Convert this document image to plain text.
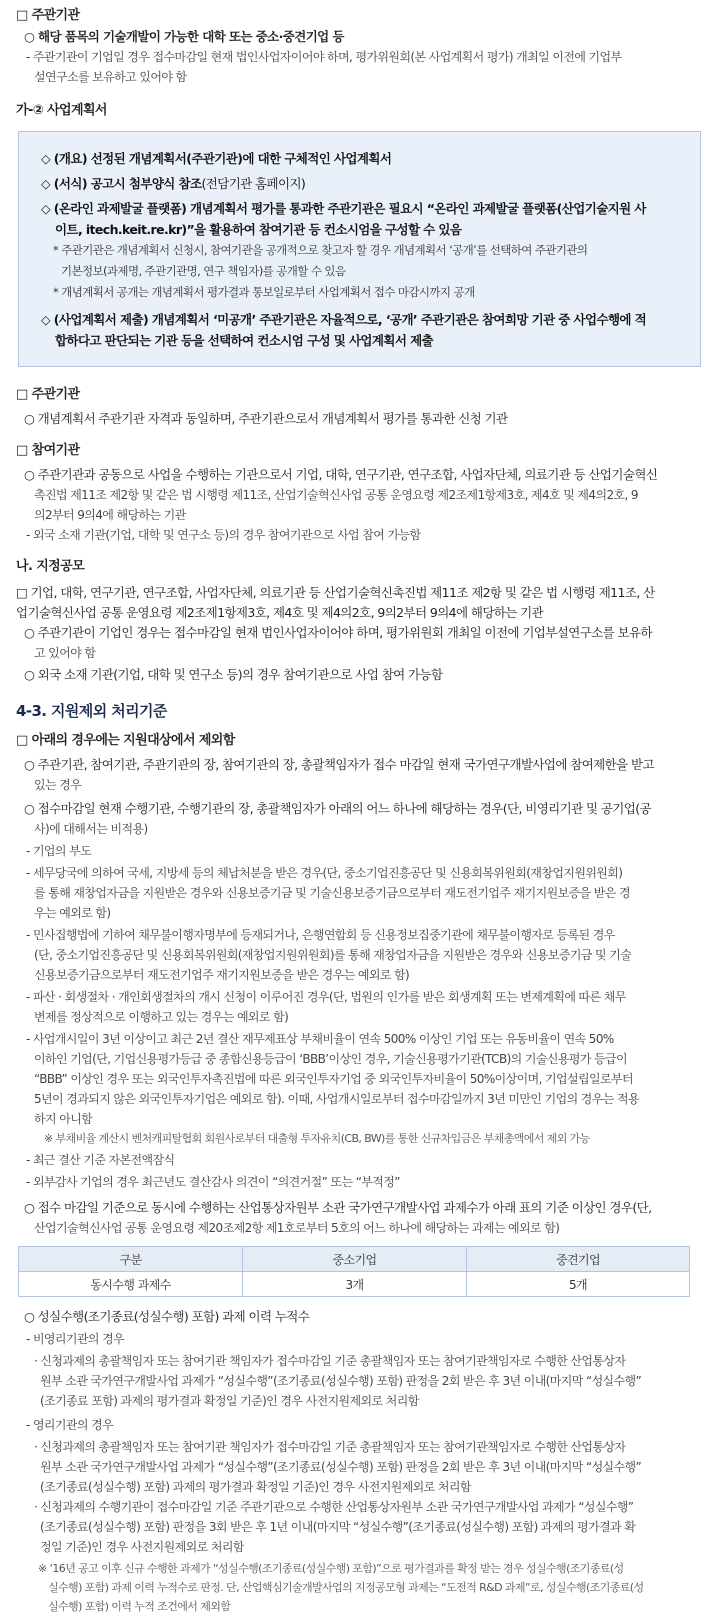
□ 주관기관
○ 해당 품목의 기술개발이 가능한 대학 또는 중소·중견기업 등
- 주관기관이 기업일 경우 접수마감일 현재 법인사업자이어야 하며, 평가위원회(본 사업계획서 평가) 개최일 이전에 기업부
설연구소를 보유하고 있어야 함
가-② 사업계획서
◇ (개요) 선정된 개념계획서(주관기관)에 대한 구체적인 사업계획서
◇ (서식) 공고시 첨부양식 참조(전담기관 홈페이지)
◇ (온라인 과제발굴 플랫폼) 개념계획서 평가를 통과한 주관기관은 필요시 “온라인 과제발굴 플랫폼(산업기술지원 사
이트, itech.keit.re.kr)”을 활용하여 참여기관 등 컨소시엄을 구성할 수 있음
* 주관기관은 개념계획서 신청시, 참여기관을 공개적으로 찾고자 할 경우 개념계획서 ‘공개’를 선택하여 주관기관의
기본정보(과제명, 주관기관명, 연구 책임자)를 공개할 수 있음
* 개념계획서 공개는 개념계획서 평가결과 통보일로부터 사업계획서 접수 마감시까지 공개
◇ (사업계획서 제출) 개념계획서 ‘미공개’ 주관기관은 자율적으로, ‘공개’ 주관기관은 참여희망 기관 중 사업수행에 적
합하다고 판단되는 기관 등을 선택하여 컨소시엄 구성 및 사업계획서 제출
□ 주관기관
○ 개념계획서 주관기관 자격과 동일하며, 주관기관으로서 개념계획서 평가를 통과한 신청 기관
□ 참여기관
○ 주관기관과 공동으로 사업을 수행하는 기관으로서 기업, 대학, 연구기관, 연구조합, 사업자단체, 의료기관 등 산업기술혁신
촉진법 제11조 제2항 및 같은 법 시행령 제11조, 산업기술혁신사업 공통 운영요령 제2조제1항제3호, 제4호 및 제4의2호, 9
의2부터 9의4에 해당하는 기관
- 외국 소재 기관(기업, 대학 및 연구소 등)의 경우 참여기관으로 사업 참여 가능함
나. 지정공모
□ 기업, 대학, 연구기관, 연구조합, 사업자단체, 의료기관 등 산업기술혁신촉진법 제11조 제2항 및 같은 법 시행령 제11조, 산
업기술혁신사업 공통 운영요령 제2조제1항제3호, 제4호 및 제4의2호, 9의2부터 9의4에 해당하는 기관
○ 주관기관이 기업인 경우는 접수마감일 현재 법인사업자이어야 하며, 평가위원회 개최일 이전에 기업부설연구소를 보유하
고 있어야 함
○ 외국 소재 기관(기업, 대학 및 연구소 등)의 경우 참여기관으로 사업 참여 가능함
4-3. 지원제외 처리기준
□ 아래의 경우에는 지원대상에서 제외함
○ 주관기관, 참여기관, 주관기관의 장, 참여기관의 장, 총괄책임자가 접수 마감일 현재 국가연구개발사업에 참여제한을 받고
있는 경우
○ 접수마감일 현재 수행기관, 수행기관의 장, 총괄책임자가 아래의 어느 하나에 해당하는 경우(단, 비영리기관 및 공기업(공
사)에 대해서는 비적용)
- 기업의 부도
- 세무당국에 의하여 국세, 지방세 등의 체납처분을 받은 경우(단, 중소기업진흥공단 및 신용회복위원회(재창업지원위원회)
를 통해 재창업자금을 지원받은 경우와 신용보증기금 및 기술신용보증기금으로부터 재도전기업주 재기지원보증을 받은 경
우는 예외로 함)
- 민사집행법에 기하여 채무불이행자명부에 등재되거나, 은행연합회 등 신용정보집중기관에 채무불이행자로 등록된 경우
(단, 중소기업진흥공단 및 신용회복위원회(재창업지원위원회)를 통해 재창업자금을 지원받은 경우와 신용보증기금 및 기술
신용보증기금으로부터 재도전기업주 재기지원보증을 받은 경우는 예외로 함)
- 파산 · 회생절차 · 개인회생절차의 개시 신청이 이루어진 경우(단, 법원의 인가를 받은 회생계획 또는 변제계획에 따른 채무
변제를 정상적으로 이행하고 있는 경우는 예외로 함)
- 사업개시일이 3년 이상이고 최근 2년 결산 재무제표상 부채비율이 연속 500% 이상인 기업 또는 유동비율이 연속 50%
이하인 기업(단, 기업신용평가등급 중 종합신용등급이 ‘BBB’이상인 경우, 기술신용평가기관(TCB)의 기술신용평가 등급이
“BBB” 이상인 경우 또는 외국인투자촉진법에 따른 외국인투자기업 중 외국인투자비율이 50%이상이며, 기업설립일로부터
5년이 경과되지 않은 외국인투자기업은 예외로 함). 이때, 사업개시일로부터 접수마감일까지 3년 미만인 기업의 경우는 적용
하지 아니함
※ 부채비율 계산시 벤처캐피탈협회 회원사로부터 대출형 투자유치(CB, BW)를 통한 신규차입금은 부채총액에서 제외 가능
- 최근 결산 기준 자본전액잠식
- 외부감사 기업의 경우 최근년도 결산감사 의견이 “의견거절” 또는 “부적정”
○ 접수 마감일 기준으로 동시에 수행하는 산업통상자원부 소관 국가연구개발사업 과제수가 아래 표의 기준 이상인 경우(단,
산업기술혁신사업 공통 운영요령 제20조제2항 제1호로부터 5호의 어느 하나에 해당하는 과제는 예외로 함)
구분	중소기업	중견기업
동시수행 과제수	3개	5개
○ 성실수행(조기종료(성실수행) 포함) 과제 이력 누적수
- 비영리기관의 경우
· 신청과제의 총괄책임자 또는 참여기관 책임자가 접수마감일 기준 총괄책임자 또는 참여기관책임자로 수행한 산업통상자
원부 소관 국가연구개발사업 과제가 “성실수행”(조기종료(성실수행) 포함) 판정을 2회 받은 후 3년 이내(마지막 “성실수행”
(조기종료 포함) 과제의 평가결과 확정일 기준)인 경우 사전지원제외로 처리함
- 영리기관의 경우
· 신청과제의 총괄책임자 또는 참여기관 책임자가 접수마감일 기준 총괄책임자 또는 참여기관책임자로 수행한 산업통상자
원부 소관 국가연구개발사업 과제가 “성실수행”(조기종료(성실수행) 포함) 판정을 2회 받은 후 3년 이내(마지막 “성실수행”
(조기종료(성실수행) 포함) 과제의 평가결과 확정일 기준)인 경우 사전지원제외로 처리함
· 신청과제의 수행기관이 접수마감일 기준 주관기관으로 수행한 산업통상자원부 소관 국가연구개발사업 과제가 “성실수행”
(조기종료(성실수행) 포함) 판정을 3회 받은 후 1년 이내(마지막 “성실수행”(조기종료(성실수행) 포함) 과제의 평가결과 확
정일 기준)인 경우 사전지원제외로 처리함
※ ‘16년 공고 이후 신규 수행한 과제가 “성실수행(조기종료(성실수행) 포함)”으로 평가결과를 확정 받는 경우 성실수행(조기종료(성
실수행) 포함) 과제 이력 누적수로 판정. 단, 산업핵심기술개발사업의 지정공모형 과제는 “도전적 R&D 과제”로, 성실수행(조기종료(성
실수행) 포함) 이력 누적 조건에서 제외함
